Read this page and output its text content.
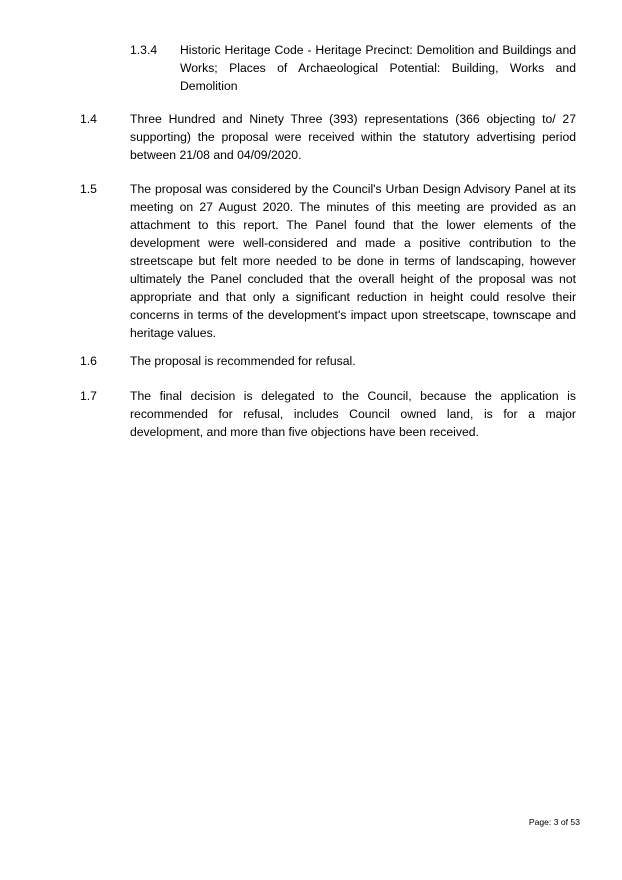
1.3.4 Historic Heritage Code - Heritage Precinct: Demolition and Buildings and Works; Places of Archaeological Potential: Building, Works and Demolition
1.4	Three Hundred and Ninety Three (393) representations (366 objecting to/ 27 supporting) the proposal were received within the statutory advertising period between 21/08 and 04/09/2020.
1.5	The proposal was considered by the Council's Urban Design Advisory Panel at its meeting on 27 August 2020. The minutes of this meeting are provided as an attachment to this report. The Panel found that the lower elements of the development were well-considered and made a positive contribution to the streetscape but felt more needed to be done in terms of landscaping, however ultimately the Panel concluded that the overall height of the proposal was not appropriate and that only a significant reduction in height could resolve their concerns in terms of the development's impact upon streetscape, townscape and heritage values.
1.6	The proposal is recommended for refusal.
1.7	The final decision is delegated to the Council, because the application is recommended for refusal, includes Council owned land, is for a major development, and more than five objections have been received.
Page: 3 of 53
